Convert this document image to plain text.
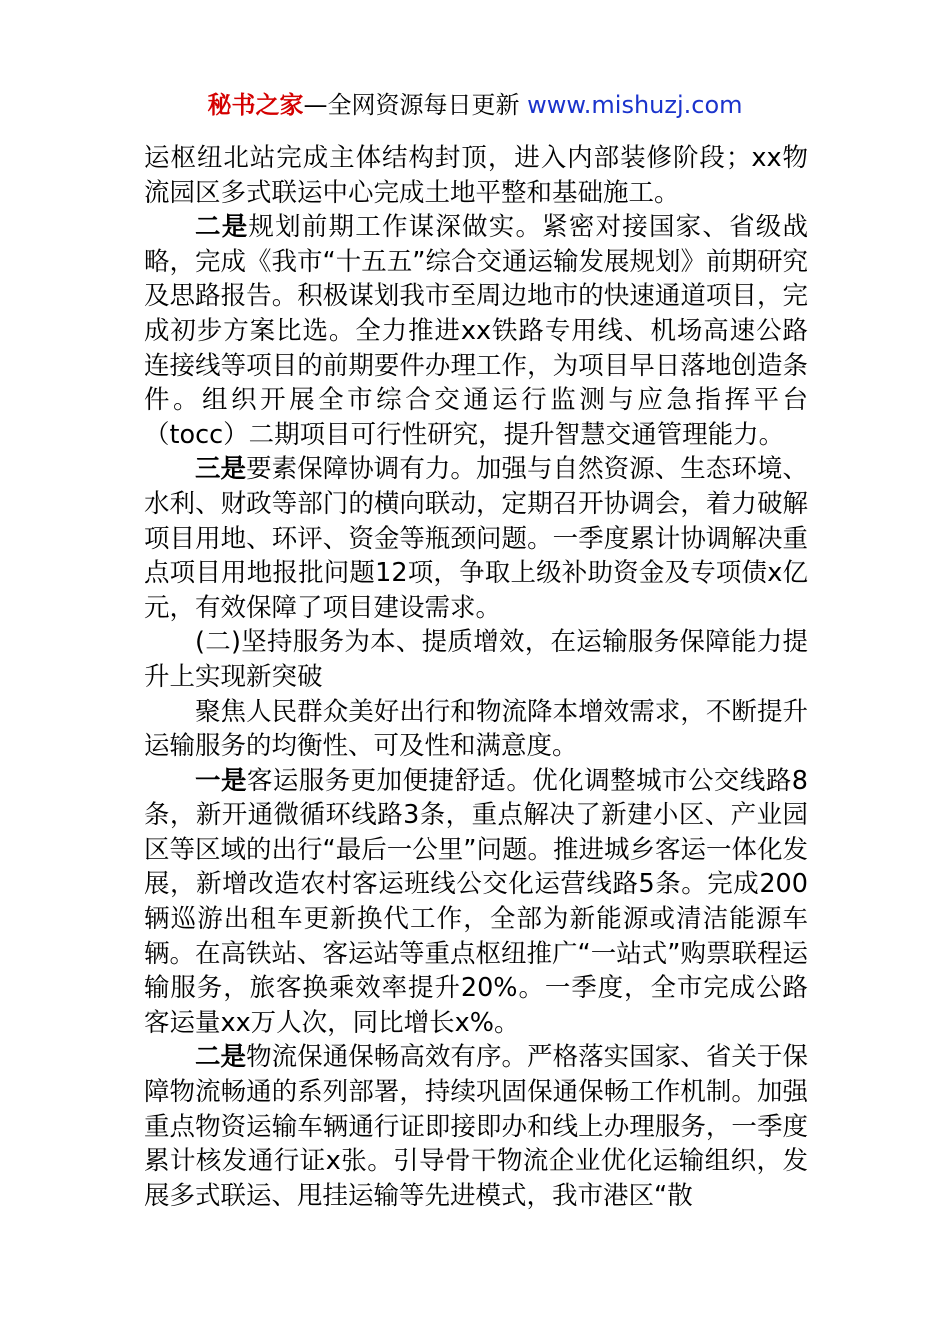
秘书之家—全网资源每日更新 www.mishuzj.com

运枢纽北站完成主体结构封顶，进入内部装修阶段；xx物流园区多式联运中心完成土地平整和基础施工。

二是规划前期工作谋深做实。紧密对接国家、省级战略，完成《我市“十五五”综合交通运输发展规划》前期研究及思路报告。积极谋划我市至周边地市的快速通道项目，完成初步方案比选。全力推进xx铁路专用线、机场高速公路连接线等项目的前期要件办理工作，为项目早日落地创造条件。组织开展全市综合交通运行监测与应急指挥平台（tocc）二期项目可行性研究，提升智慧交通管理能力。

三是要素保障协调有力。加强与自然资源、生态环境、水利、财政等部门的横向联动，定期召开协调会，着力破解项目用地、环评、资金等瓶颈问题。一季度累计协调解决重点项目用地报批问题12项，争取上级补助资金及专项债x亿元，有效保障了项目建设需求。

(二)坚持服务为本、提质增效，在运输服务保障能力提升上实现新突破

聚焦人民群众美好出行和物流降本增效需求，不断提升运输服务的均衡性、可及性和满意度。

一是客运服务更加便捷舒适。优化调整城市公交线路8条，新开通微循环线路3条，重点解决了新建小区、产业园区等区域的出行“最后一公里”问题。推进城乡客运一体化发展，新增改造农村客运班线公交化运营线路5条。完成200辆巡游出租车更新换代工作，全部为新能源或清洁能源车辆。在高铁站、客运站等重点枢纽推广“一站式”购票联程运输服务，旅客换乘效率提升20%。一季度，全市完成公路客运量xx万人次，同比增长x%。

二是物流保通保畅高效有序。严格落实国家、省关于保障物流畅通的系列部署，持续巩固保通保畅工作机制。加强重点物资运输车辆通行证即接即办和线上办理服务，一季度累计核发通行证x张。引导骨干物流企业优化运输组织，发展多式联运、甩挂运输等先进模式，我市港区“散
